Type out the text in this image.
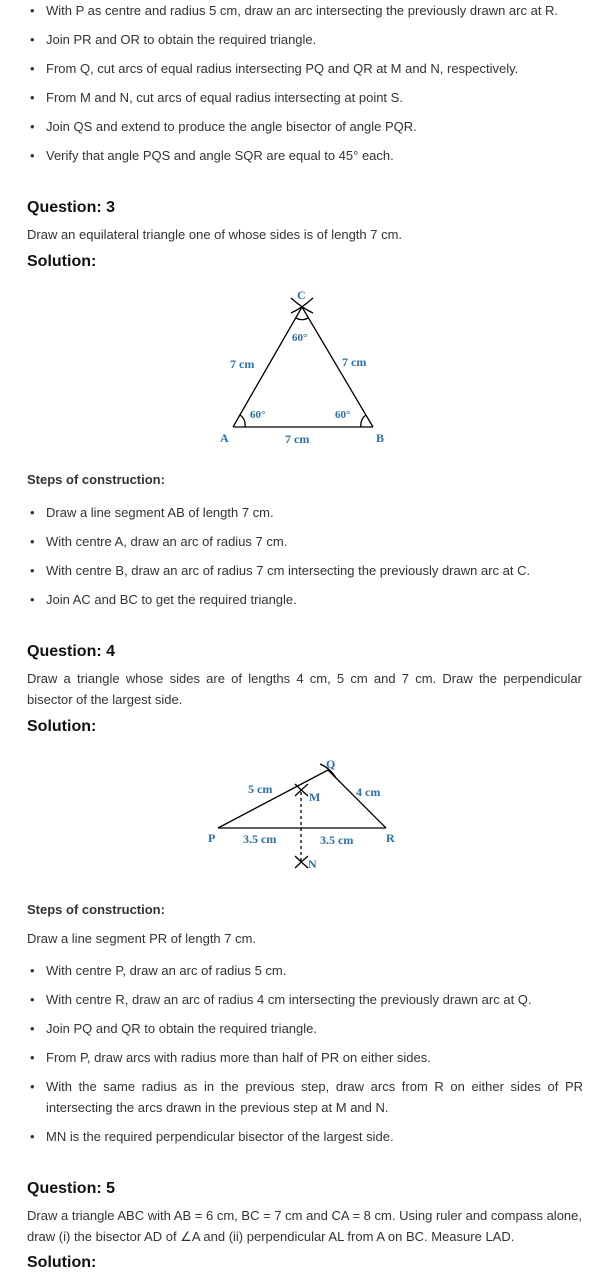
• With P as centre and radius 5 cm, draw an arc intersecting the previously drawn arc at R.
• Join PR and OR to obtain the required triangle.
• From Q, cut arcs of equal radius intersecting PQ and QR at M and N, respectively.
• From M and N, cut arcs of equal radius intersecting at point S.
• Join QS and extend to produce the angle bisector of angle PQR.
• Verify that angle PQS and angle SQR are equal to 45° each.
Question: 3

Draw an equilateral triangle one of whose sides is of length 7 cm.

Solution:
C
60°
7 cm	7 cm
60°	60°
A	7 cm	B

Steps of construction:

• Draw a line segment AB of length 7 cm.
• With centre A, draw an arc of radius 7 cm.
• With centre B, draw an arc of radius 7 cm intersecting the previously drawn arc at C.
• Join AC and BC to get the required triangle.
Question: 4

Draw a triangle whose sides are of lengths 4 cm, 5 cm and 7 cm. Draw the perpendicular bisector of the largest side.

Solution:
Q
5 cm
M	4 cm
P 3.5 cm	3.5 cm	R
N

Steps of construction:

Draw a line segment PR of length 7 cm.

• With centre P, draw an arc of radius 5 cm.
• With centre R, draw an arc of radius 4 cm intersecting the previously drawn arc at Q.
• Join PQ and QR to obtain the required triangle.
• From P, draw arcs with radius more than half of PR on either sides.
• With the same radius as in the previous step, draw arcs from R on either sides of PR intersecting the arcs drawn in the previous step at M and N.
• MN is the required perpendicular bisector of the largest side.
Question: 5

Draw a triangle ABC with AB = 6 cm, BC = 7 cm and CA = 8 cm. Using ruler and compass alone, draw (i) the bisector AD of ∠A and (ii) perpendicular AL from A on BC. Measure LAD.

Solution:
